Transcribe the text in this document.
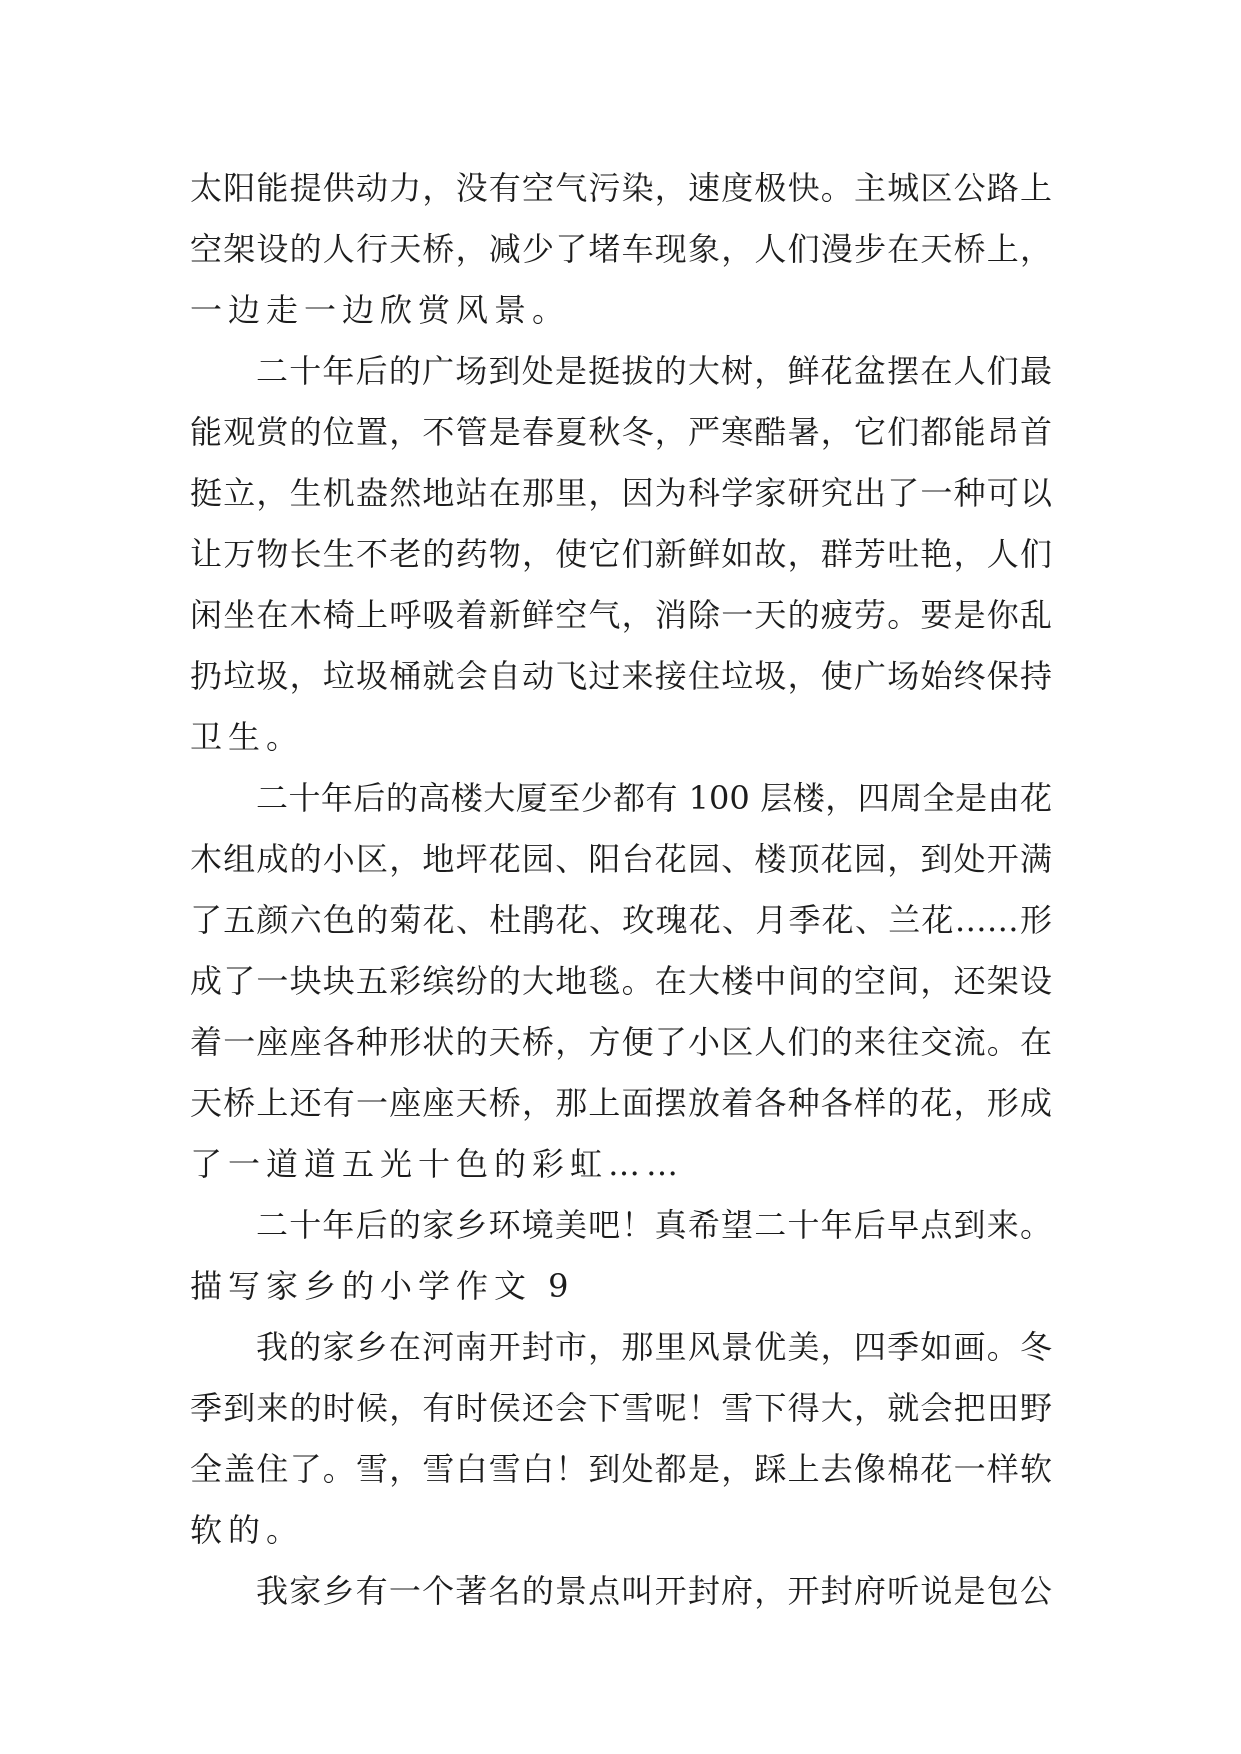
太阳能提供动力，没有空气污染，速度极快。主城区公路上
空架设的人行天桥，减少了堵车现象，人们漫步在天桥上，
一边走一边欣赏风景。
二十年后的广场到处是挺拔的大树，鲜花盆摆在人们最
能观赏的位置，不管是春夏秋冬，严寒酷暑，它们都能昂首
挺立，生机盎然地站在那里，因为科学家研究出了一种可以
让万物长生不老的药物，使它们新鲜如故，群芳吐艳，人们
闲坐在木椅上呼吸着新鲜空气，消除一天的疲劳。要是你乱
扔垃圾，垃圾桶就会自动飞过来接住垃圾，使广场始终保持
卫生。
二十年后的高楼大厦至少都有 100 层楼，四周全是由花
木组成的小区，地坪花园、阳台花园、楼顶花园，到处开满
了五颜六色的菊花、杜鹃花、玫瑰花、月季花、兰花……形
成了一块块五彩缤纷的大地毯。在大楼中间的空间，还架设
着一座座各种形状的天桥，方便了小区人们的来往交流。在
天桥上还有一座座天桥，那上面摆放着各种各样的花，形成
了一道道五光十色的彩虹……
二十年后的家乡环境美吧！真希望二十年后早点到来。
描写家乡的小学作文 9
我的家乡在河南开封市，那里风景优美，四季如画。冬
季到来的时候，有时侯还会下雪呢！雪下得大，就会把田野
全盖住了。雪，雪白雪白！到处都是，踩上去像棉花一样软
软的。
我家乡有一个著名的景点叫开封府，开封府听说是包公
